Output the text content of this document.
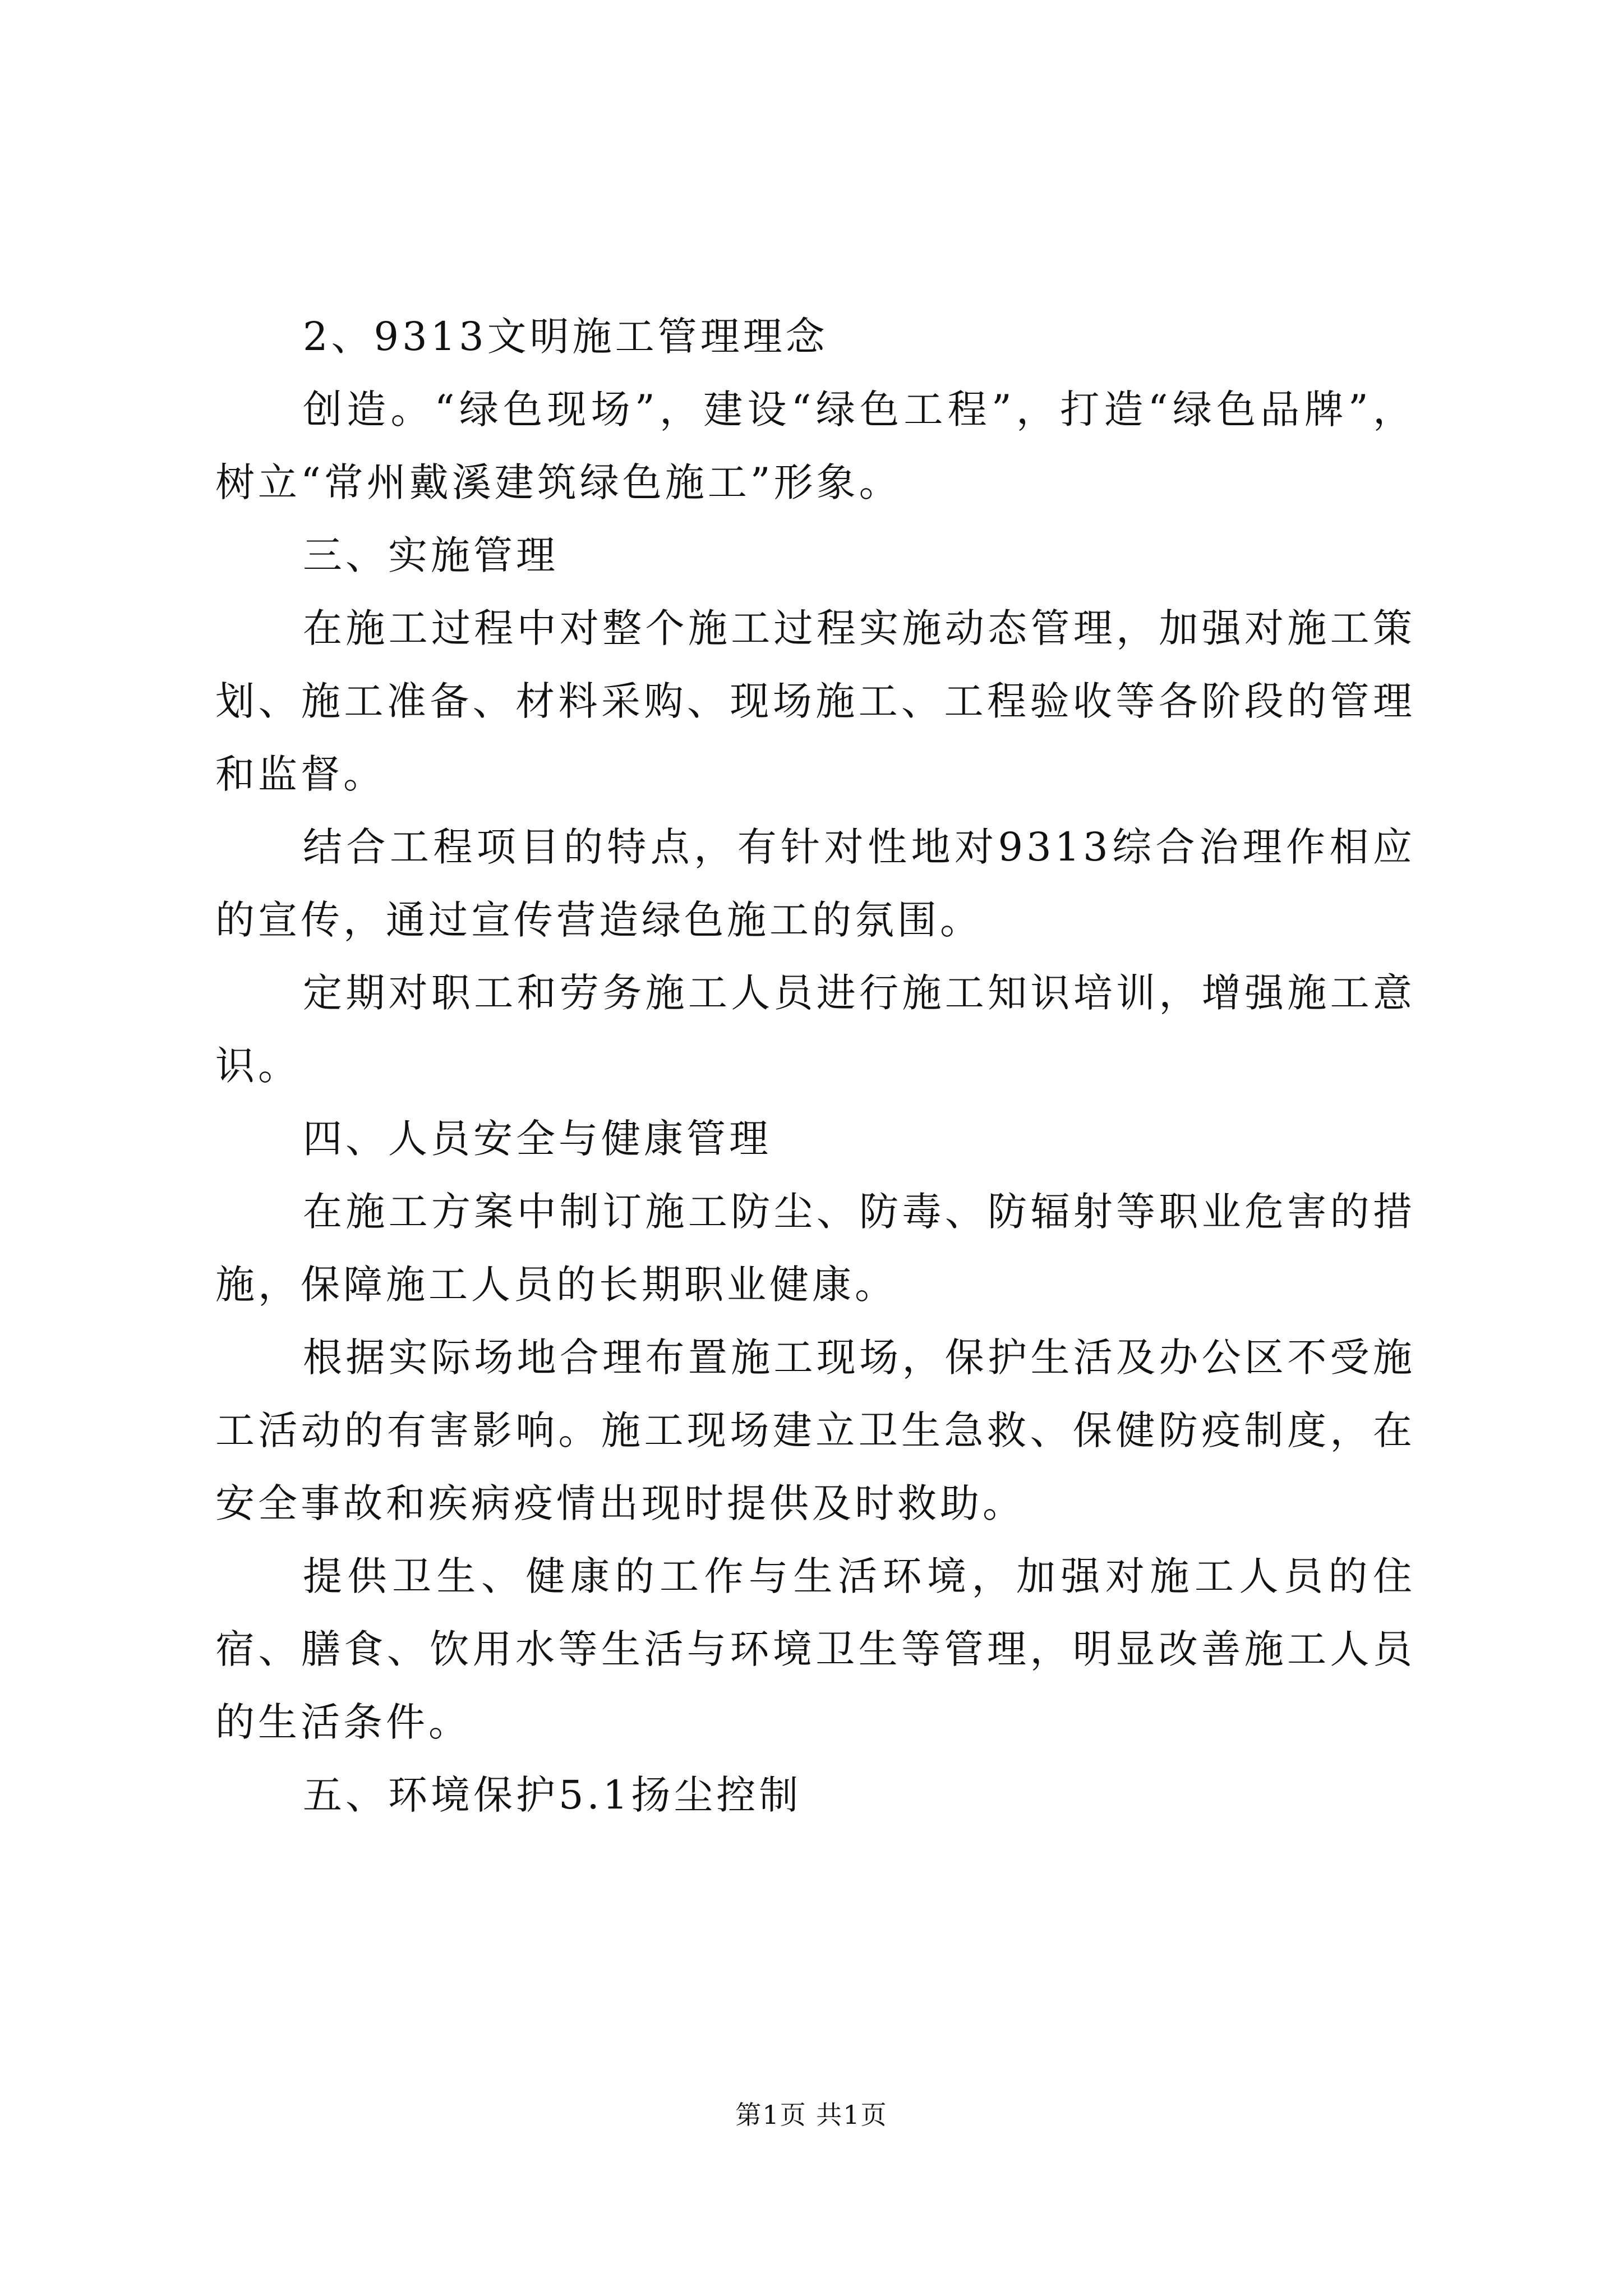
2、9313文明施工管理理念

创造。“绿色现场”，建设“绿色工程”，打造“绿色品牌”，树立“常州戴溪建筑绿色施工”形象。

三、实施管理

在施工过程中对整个施工过程实施动态管理，加强对施工策划、施工准备、材料采购、现场施工、工程验收等各阶段的管理和监督。

结合工程项目的特点，有针对性地对9313综合治理作相应的宣传，通过宣传营造绿色施工的氛围。

定期对职工和劳务施工人员进行施工知识培训，增强施工意识。

四、人员安全与健康管理

在施工方案中制订施工防尘、防毒、防辐射等职业危害的措施，保障施工人员的长期职业健康。

根据实际场地合理布置施工现场，保护生活及办公区不受施工活动的有害影响。施工现场建立卫生急救、保健防疫制度，在安全事故和疾病疫情出现时提供及时救助。

提供卫生、健康的工作与生活环境，加强对施工人员的住宿、膳食、饮用水等生活与环境卫生等管理，明显改善施工人员的生活条件。

五、环境保护5.1扬尘控制

第1页 共1页
